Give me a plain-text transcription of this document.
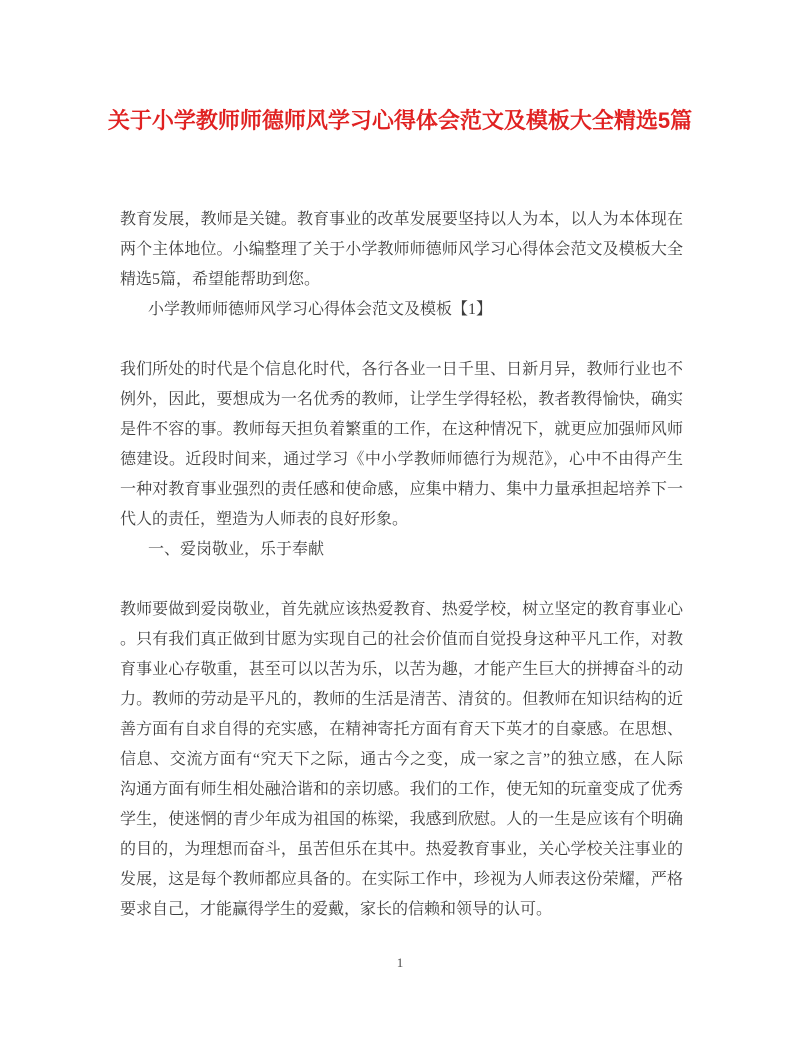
关于小学教师师德师风学习心得体会范文及模板大全精选5篇
教育发展，教师是关键。教育事业的改革发展要坚持以人为本，以人为本体现在
两个主体地位。小编整理了关于小学教师师德师风学习心得体会范文及模板大全
精选5篇，希望能帮助到您。
小学教师师德师风学习心得体会范文及模板【1】
我们所处的时代是个信息化时代，各行各业一日千里、日新月异，教师行业也不
例外，因此，要想成为一名优秀的教师，让学生学得轻松，教者教得愉快，确实
是件不容的事。教师每天担负着繁重的工作，在这种情况下，就更应加强师风师
德建设。近段时间来，通过学习《中小学教师师德行为规范》，心中不由得产生
一种对教育事业强烈的责任感和使命感，应集中精力、集中力量承担起培养下一
代人的责任，塑造为人师表的良好形象。
一、爱岗敬业，乐于奉献
教师要做到爱岗敬业，首先就应该热爱教育、热爱学校，树立坚定的教育事业心
。只有我们真正做到甘愿为实现自己的社会价值而自觉投身这种平凡工作，对教
育事业心存敬重，甚至可以以苦为乐，以苦为趣，才能产生巨大的拼搏奋斗的动
力。教师的劳动是平凡的，教师的生活是清苦、清贫的。但教师在知识结构的近
善方面有自求自得的充实感，在精神寄托方面有育天下英才的自豪感。在思想、
信息、交流方面有“究天下之际，通古今之变，成一家之言”的独立感，在人际
沟通方面有师生相处融洽谐和的亲切感。我们的工作，使无知的玩童变成了优秀
学生，使迷惘的青少年成为祖国的栋梁，我感到欣慰。人的一生是应该有个明确
的目的，为理想而奋斗，虽苦但乐在其中。热爱教育事业，关心学校关注事业的
发展，这是每个教师都应具备的。在实际工作中，珍视为人师表这份荣耀，严格
要求自己，才能赢得学生的爱戴，家长的信赖和领导的认可。
1
